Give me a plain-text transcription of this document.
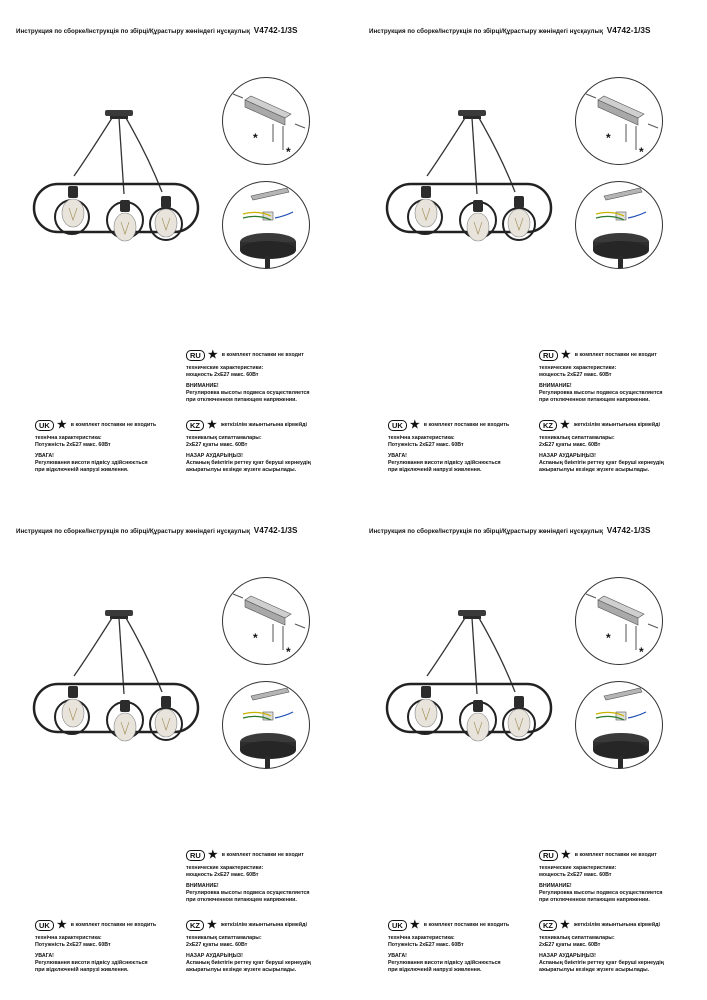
Инструкция по сборке/Інструкція по збірці/Құрастыру жөніндегі нұсқаулық V4742-1/3S
*
*
RU ★ в комплект поставки не входит
технические характеристики:
мощность 2xE27 макс. 60Вт
ВНИМАНИЕ!
Регулировка высоты подвеса осуществляется
при отключенном питающем напряжении.
UK ★ в комплект поставки не входить
технічна характеристика:
Потужність 2xE27 макс. 60Вт
УВАГА!
Регулювання висоти підвісу здійснюється
при відключеній напрузі живлення.
KZ ★ жеткізілім жиынтығына кірмейді
техникалық сипаттамалары:
2xE27 қуаты макс. 60Вт
НАЗАР АУДАРЫҢЫЗ!
Аспаның биіктігін реттеу қуат беруші кернеудің
ажыратылуы кезінде жүзеге асырылады.
Инструкция по сборке/Інструкція по збірці/Құрастыру жөніндегі нұсқаулық V4742-1/3S
*
*
RU ★ в комплект поставки не входит
технические характеристики:
мощность 2xE27 макс. 60Вт
ВНИМАНИЕ!
Регулировка высоты подвеса осуществляется
при отключенном питающем напряжении.
UK ★ в комплект поставки не входить
технічна характеристика:
Потужність 2xE27 макс. 60Вт
УВАГА!
Регулювання висоти підвісу здійснюється
при відключеній напрузі живлення.
KZ ★ жеткізілім жиынтығына кірмейді
техникалық сипаттамалары:
2xE27 қуаты макс. 60Вт
НАЗАР АУДАРЫҢЫЗ!
Аспаның биіктігін реттеу қуат беруші кернеудің
ажыратылуы кезінде жүзеге асырылады.
Инструкция по сборке/Інструкція по збірці/Құрастыру жөніндегі нұсқаулық V4742-1/3S
*
*
RU ★ в комплект поставки не входит
технические характеристики:
мощность 2xE27 макс. 60Вт
ВНИМАНИЕ!
Регулировка высоты подвеса осуществляется
при отключенном питающем напряжении.
UK ★ в комплект поставки не входить
технічна характеристика:
Потужність 2xE27 макс. 60Вт
УВАГА!
Регулювання висоти підвісу здійснюється
при відключеній напрузі живлення.
KZ ★ жеткізілім жиынтығына кірмейді
техникалық сипаттамалары:
2xE27 қуаты макс. 60Вт
НАЗАР АУДАРЫҢЫЗ!
Аспаның биіктігін реттеу қуат беруші кернеудің
ажыратылуы кезінде жүзеге асырылады.
Инструкция по сборке/Інструкція по збірці/Құрастыру жөніндегі нұсқаулық V4742-1/3S
*
*
RU ★ в комплект поставки не входит
технические характеристики:
мощность 2xE27 макс. 60Вт
ВНИМАНИЕ!
Регулировка высоты подвеса осуществляется
при отключенном питающем напряжении.
UK ★ в комплект поставки не входить
технічна характеристика:
Потужність 2xE27 макс. 60Вт
УВАГА!
Регулювання висоти підвісу здійснюється
при відключеній напрузі живлення.
KZ ★ жеткізілім жиынтығына кірмейді
техникалық сипаттамалары:
2xE27 қуаты макс. 60Вт
НАЗАР АУДАРЫҢЫЗ!
Аспаның биіктігін реттеу қуат беруші кернеудің
ажыратылуы кезінде жүзеге асырылады.
